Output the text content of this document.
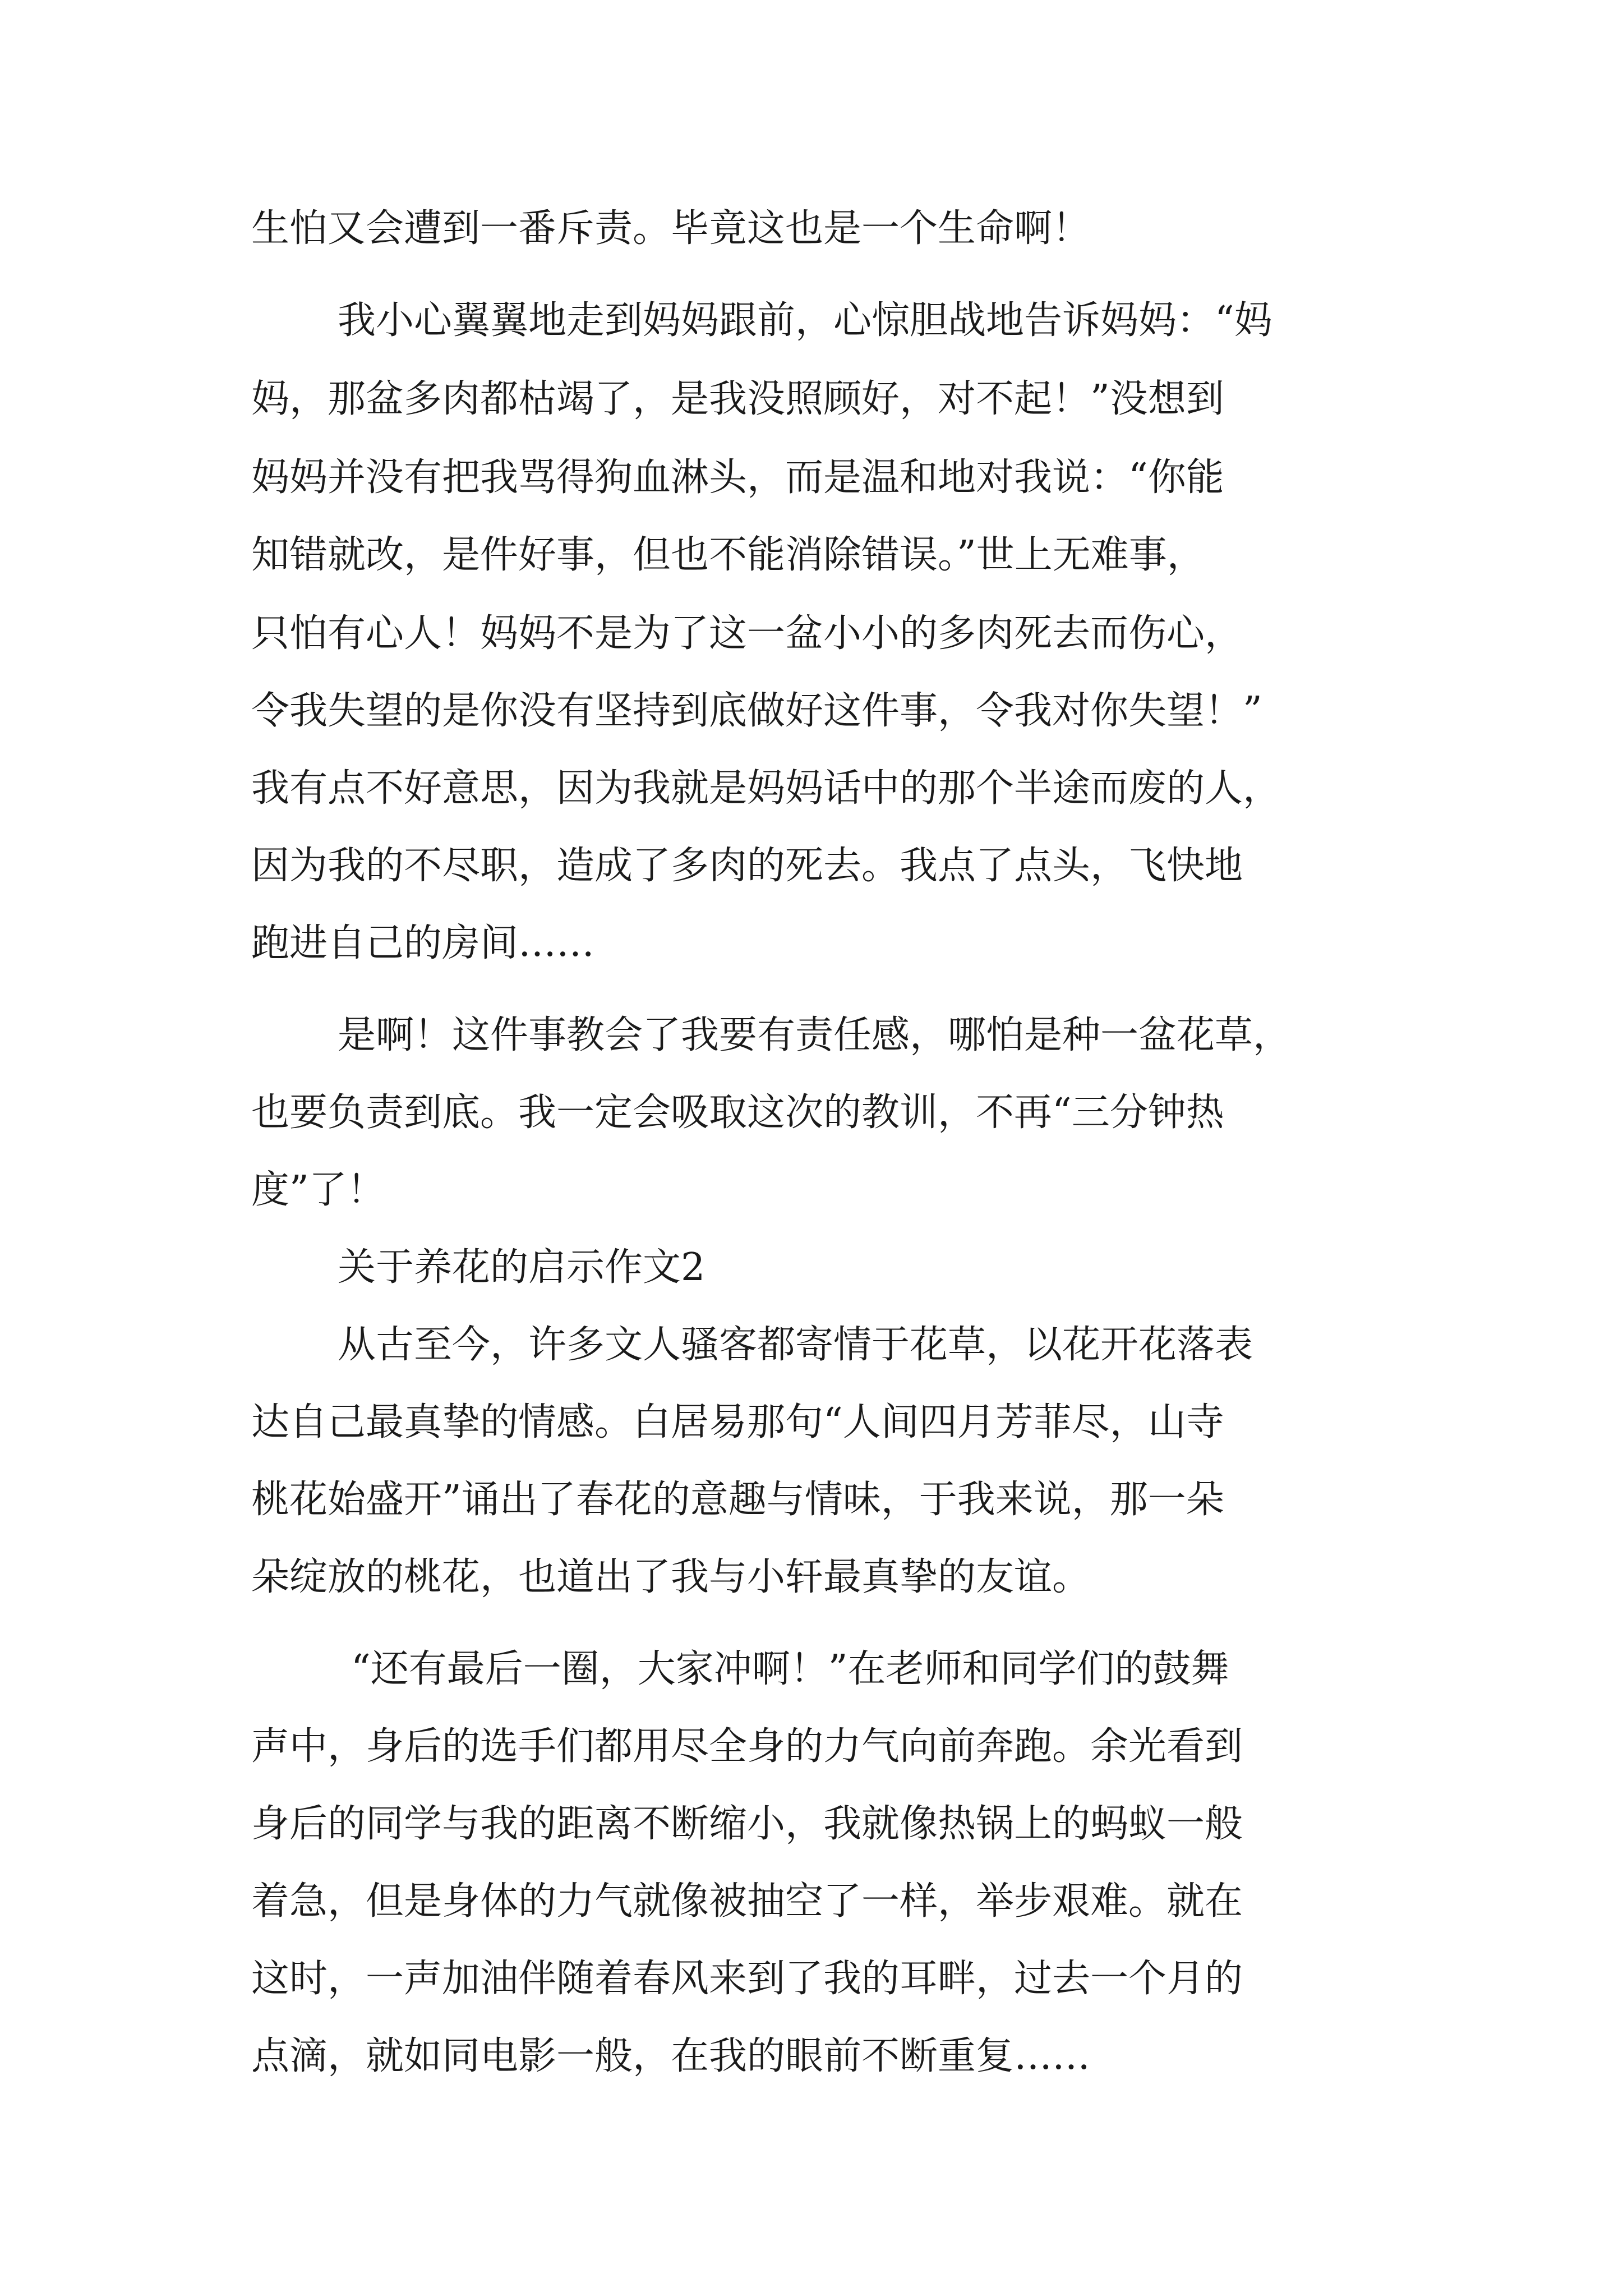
生怕又会遭到一番斥责。毕竟这也是一个生命啊！
我小心翼翼地走到妈妈跟前，心惊胆战地告诉妈妈：“妈
妈，那盆多肉都枯竭了，是我没照顾好，对不起！”没想到
妈妈并没有把我骂得狗血淋头，而是温和地对我说：“你能
知错就改，是件好事，但也不能消除错误。”世上无难事，
只怕有心人！妈妈不是为了这一盆小小的多肉死去而伤心，
令我失望的是你没有坚持到底做好这件事，令我对你失望！”
我有点不好意思，因为我就是妈妈话中的那个半途而废的人，
因为我的不尽职，造成了多肉的死去。我点了点头，飞快地
跑进自己的房间……
是啊！这件事教会了我要有责任感，哪怕是种一盆花草，
也要负责到底。我一定会吸取这次的教训，不再“三分钟热
度”了！
关于养花的启示作文2
从古至今，许多文人骚客都寄情于花草，以花开花落表
达自己最真挚的情感。白居易那句“人间四月芳菲尽，山寺
桃花始盛开”诵出了春花的意趣与情味，于我来说，那一朵
朵绽放的桃花，也道出了我与小轩最真挚的友谊。
“还有最后一圈，大家冲啊！”在老师和同学们的鼓舞
声中，身后的选手们都用尽全身的力气向前奔跑。余光看到
身后的同学与我的距离不断缩小，我就像热锅上的蚂蚁一般
着急，但是身体的力气就像被抽空了一样，举步艰难。就在
这时，一声加油伴随着春风来到了我的耳畔，过去一个月的
点滴，就如同电影一般，在我的眼前不断重复……
